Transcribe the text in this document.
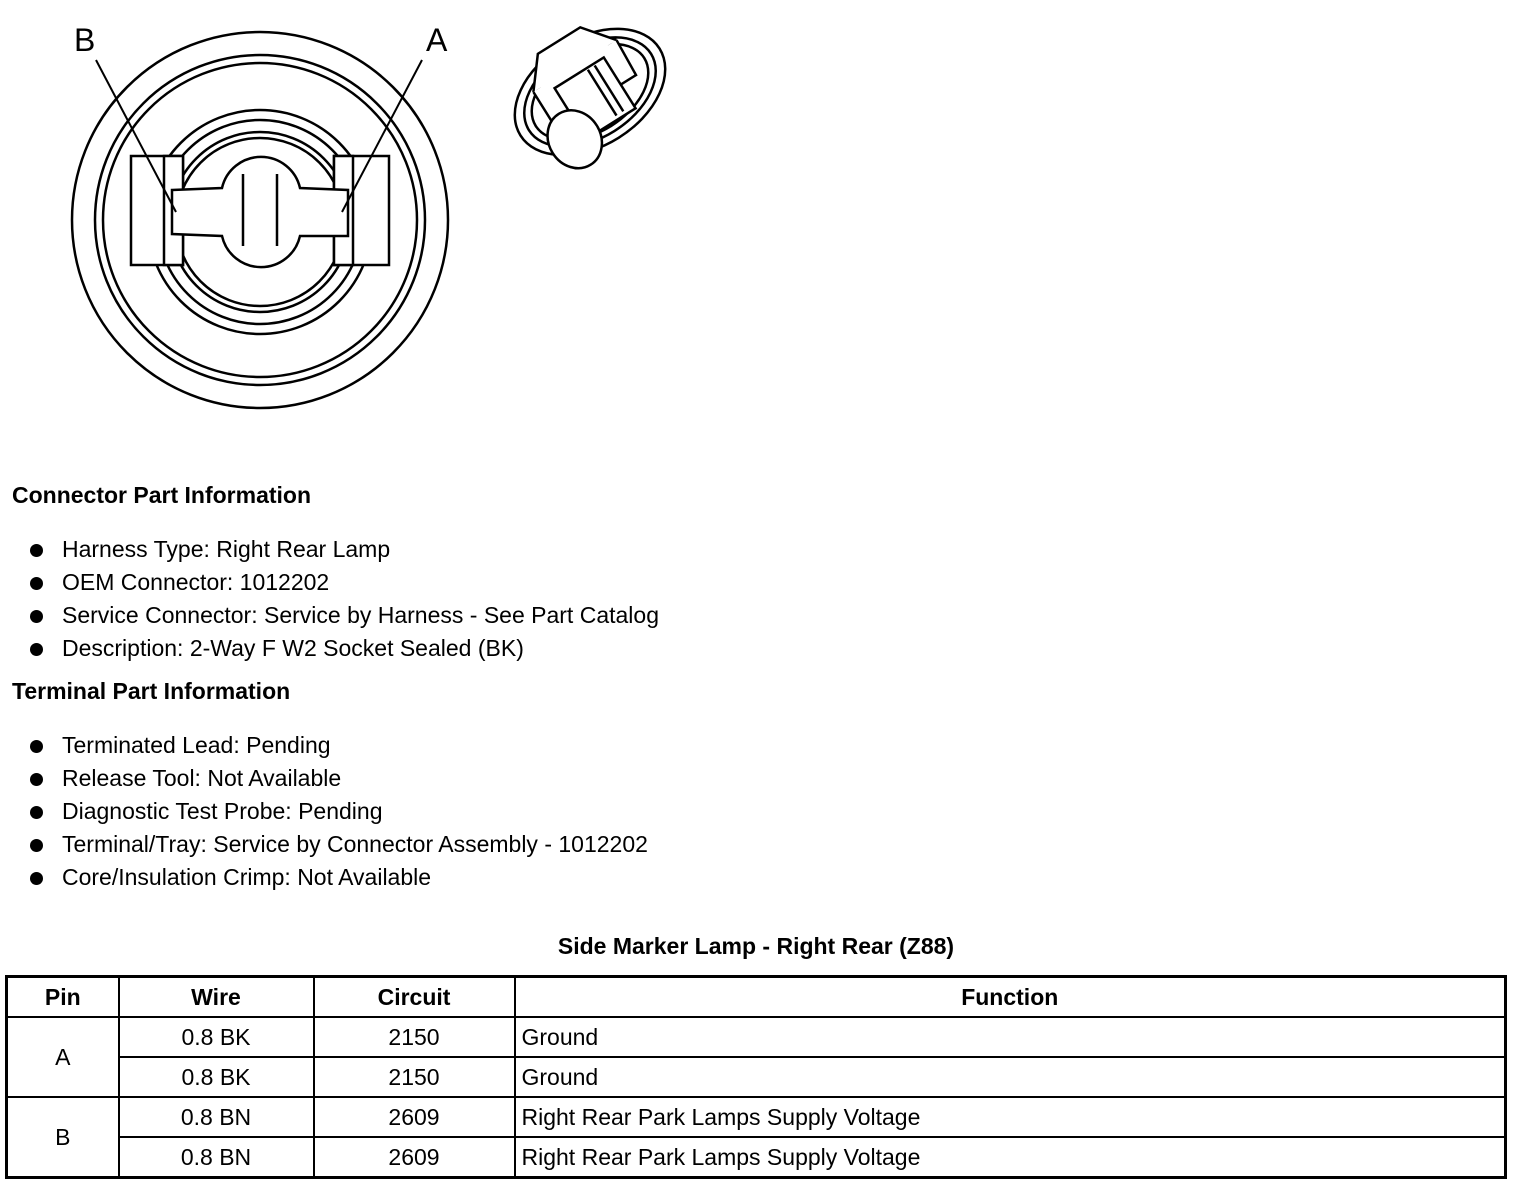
B	A
Connector Part Information
Harness Type: Right Rear Lamp
OEM Connector: 1012202
Service Connector: Service by Harness - See Part Catalog
Description: 2-Way F W2 Socket Sealed (BK)
Terminal Part Information
Terminated Lead: Pending
Release Tool: Not Available
Diagnostic Test Probe: Pending
Terminal/Tray: Service by Connector Assembly - 1012202
Core/Insulation Crimp: Not Available
Side Marker Lamp - Right Rear (Z88)
Pin	Wire	Circuit	Function
A	0.8 BK	2150	Ground
	0.8 BK	2150	Ground
B	0.8 BN	2609	Right Rear Park Lamps Supply Voltage
	0.8 BN	2609	Right Rear Park Lamps Supply Voltage
